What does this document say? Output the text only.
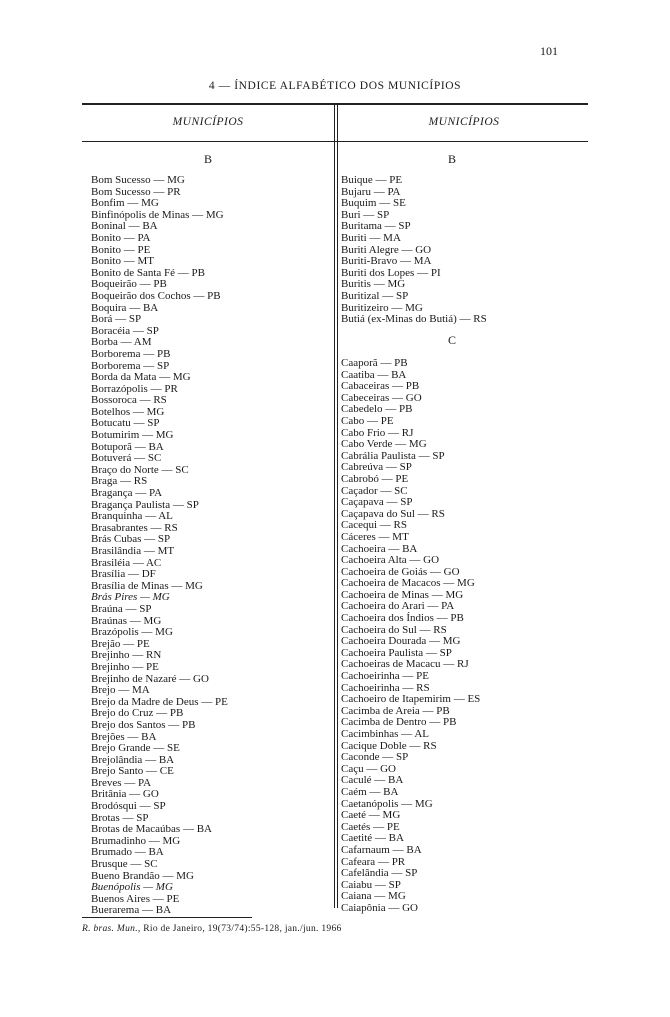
101
4 — ÍNDICE ALFABÉTICO DOS MUNICÍPIOS
MUNICÍPIOS	MUNICÍPIOS
B	B
C
Bom Sucesso — MG
Bom Sucesso — PR
Bonfim — MG
Binfinópolis de Minas — MG
Boninal — BA
Bonito — PA
Bonito — PE
Bonito — MT
Bonito de Santa Fé — PB
Boqueirão — PB
Boqueirão dos Cochos — PB
Boquira — BA
Borá — SP
Boracéia — SP
Borba — AM
Borborema — PB
Borborema — SP
Borda da Mata — MG
Borrazópolis — PR
Bossoroca — RS
Botelhos — MG
Botucatu — SP
Botumirim — MG
Botuporã — BA
Botuverá — SC
Braço do Norte — SC
Braga — RS
Bragança — PA
Bragança Paulista — SP
Branquinha — AL
Brasabrantes — RS
Brás Cubas — SP
Brasilândia — MT
Brasiléia — AC
Brasília — DF
Brasília de Minas — MG
Brás Pires — MG
Braúna — SP
Braúnas — MG
Brazópolis — MG
Brejão — PE
Brejinho — RN
Brejinho — PE
Brejinho de Nazaré — GO
Brejo — MA
Brejo da Madre de Deus — PE
Brejo do Cruz — PB
Brejo dos Santos — PB
Brejões — BA
Brejo Grande — SE
Brejolândia — BA
Brejo Santo — CE
Breves — PA
Britânia — GO
Brodósqui — SP
Brotas — SP
Brotas de Macaúbas — BA
Brumadinho — MG
Brumado — BA
Brusque — SC
Bueno Brandão — MG
Buenópolis — MG
Buenos Aires — PE
Buerarema — BA
Buique — PE
Bujaru — PA
Buquim — SE
Buri — SP
Buritama — SP
Buriti — MA
Buriti Alegre — GO
Buriti-Bravo — MA
Buriti dos Lopes — PI
Buritis — MG
Buritizal — SP
Buritizeiro — MG
Butiá (ex-Minas do Butiá) — RS
Caaporã — PB
Caatiba — BA
Cabaceiras — PB
Cabeceiras — GO
Cabedelo — PB
Cabo — PE
Cabo Frio — RJ
Cabo Verde — MG
Cabrália Paulista — SP
Cabreúva — SP
Cabrobó — PE
Caçador — SC
Caçapava — SP
Caçapava do Sul — RS
Cacequi — RS
Cáceres — MT
Cachoeira — BA
Cachoeira Alta — GO
Cachoeira de Goiás — GO
Cachoeira de Macacos — MG
Cachoeira de Minas — MG
Cachoeira do Arari — PA
Cachoeira dos Índios — PB
Cachoeira do Sul — RS
Cachoeira Dourada — MG
Cachoeira Paulista — SP
Cachoeiras de Macacu — RJ
Cachoeirinha — PE
Cachoeirinha — RS
Cachoeiro de Itapemirim — ES
Cacimba de Areia — PB
Cacimba de Dentro — PB
Cacimbinhas — AL
Cacique Doble — RS
Caconde — SP
Caçu — GO
Caculé — BA
Caém — BA
Caetanópolis — MG
Caeté — MG
Caetés — PE
Caetité — BA
Cafarnaum — BA
Cafeara — PR
Cafelândia — SP
Caiabu — SP
Caiana — MG
Caiapônia — GO
R. bras. Mun., Rio de Janeiro, 19(73/74):55-128, jan./jun. 1966
